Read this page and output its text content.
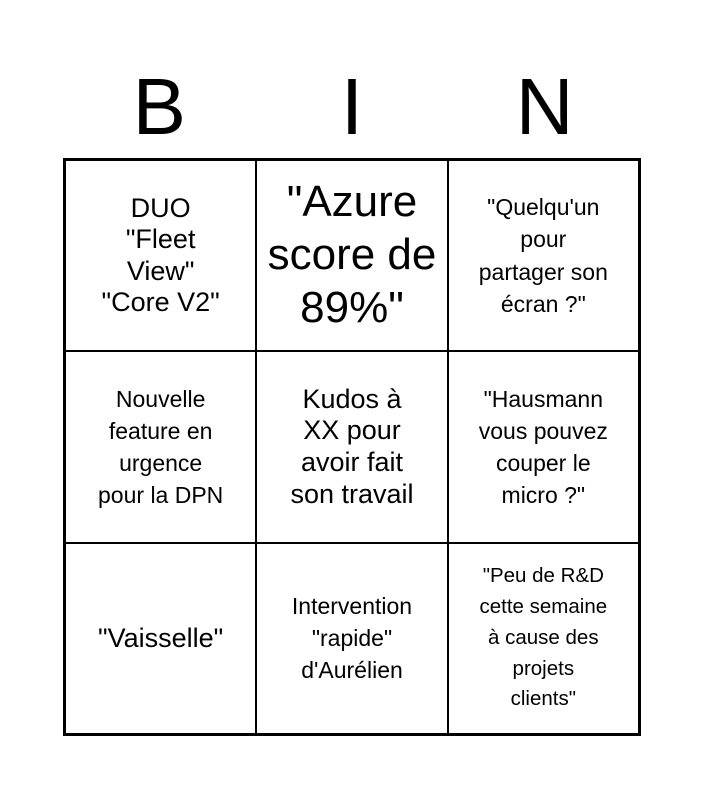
B	I	N
DUO
"Fleet
View"
"Core V2"
"Azure
score de
89%"
"Quelqu'un
pour
partager son
écran ?"
Nouvelle
feature en
urgence
pour la DPN
Kudos à
XX pour
avoir fait
son travail
"Hausmann
vous pouvez
couper le
micro ?"
"Vaisselle"
Intervention
"rapide"
d'Aurélien
"Peu de R&D
cette semaine
à cause des
projets
clients"
